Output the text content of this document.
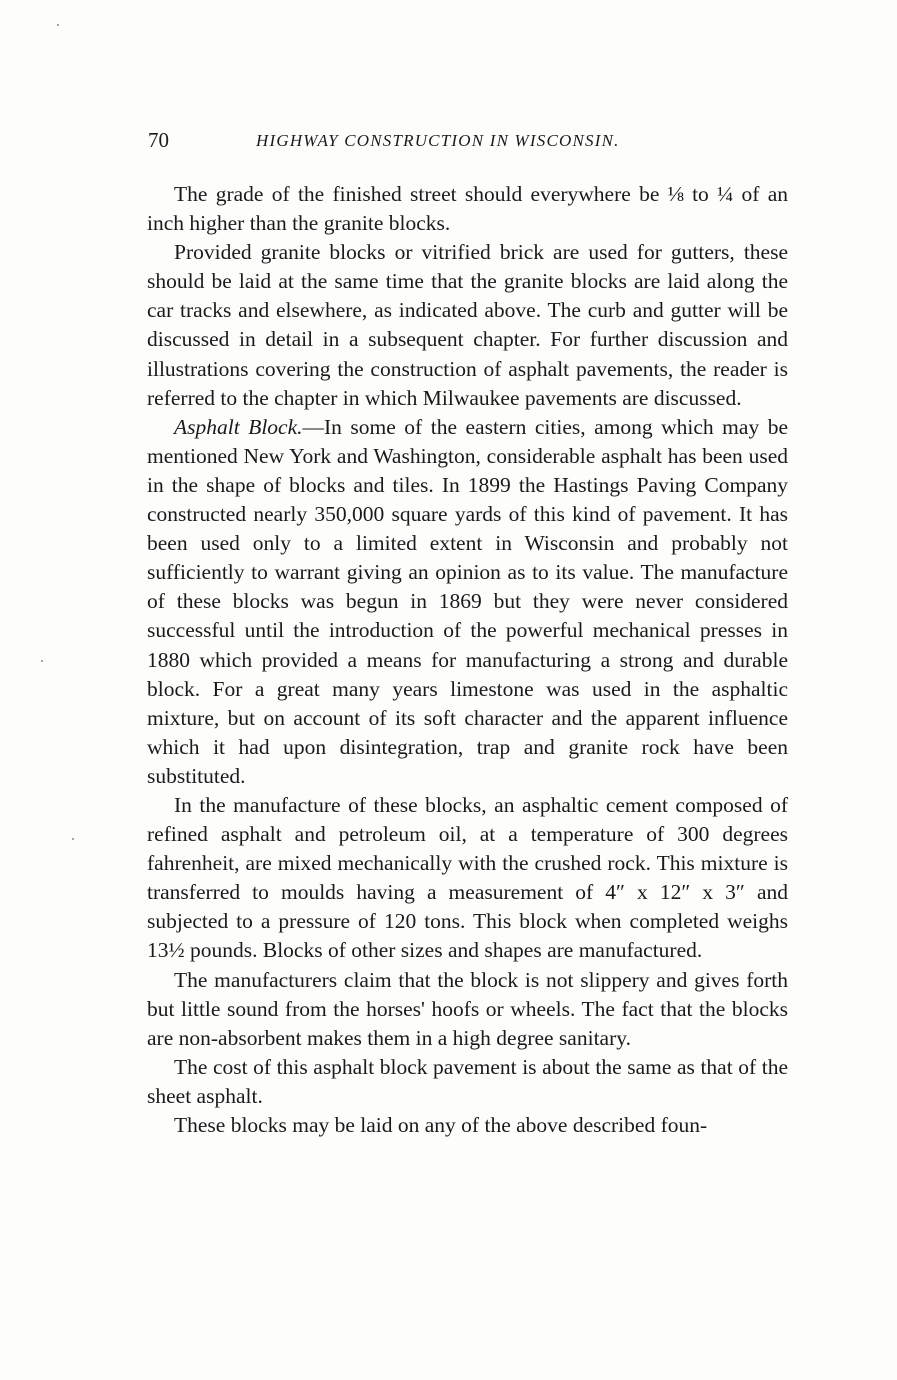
70	HIGHWAY CONSTRUCTION IN WISCONSIN.

The grade of the finished street should everywhere be ⅛ to ¼ of an inch higher than the granite blocks.

Provided granite blocks or vitrified brick are used for gutters, these should be laid at the same time that the granite blocks are laid along the car tracks and elsewhere, as indicated above. The curb and gutter will be discussed in detail in a subsequent chapter. For further discussion and illustrations covering the construction of asphalt pavements, the reader is referred to the chapter in which Milwaukee pavements are discussed.

Asphalt Block.—In some of the eastern cities, among which may be mentioned New York and Washington, considerable asphalt has been used in the shape of blocks and tiles. In 1899 the Hastings Paving Company constructed nearly 350,000 square yards of this kind of pavement. It has been used only to a limited extent in Wisconsin and probably not sufficiently to warrant giving an opinion as to its value. The manufacture of these blocks was begun in 1869 but they were never considered successful until the introduction of the powerful mechanical presses in 1880 which provided a means for manufacturing a strong and durable block. For a great many years limestone was used in the asphaltic mixture, but on account of its soft character and the apparent influence which it had upon disintegration, trap and granite rock have been substituted.

In the manufacture of these blocks, an asphaltic cement composed of refined asphalt and petroleum oil, at a temperature of 300 degrees fahrenheit, are mixed mechanically with the crushed rock. This mixture is transferred to moulds having a measurement of 4″ x 12″ x 3″ and subjected to a pressure of 120 tons. This block when completed weighs 13½ pounds. Blocks of other sizes and shapes are manufactured.

The manufacturers claim that the block is not slippery and gives forth but little sound from the horses' hoofs or wheels. The fact that the blocks are non-absorbent makes them in a high degree sanitary.

The cost of this asphalt block pavement is about the same as that of the sheet asphalt.

These blocks may be laid on any of the above described foun-
